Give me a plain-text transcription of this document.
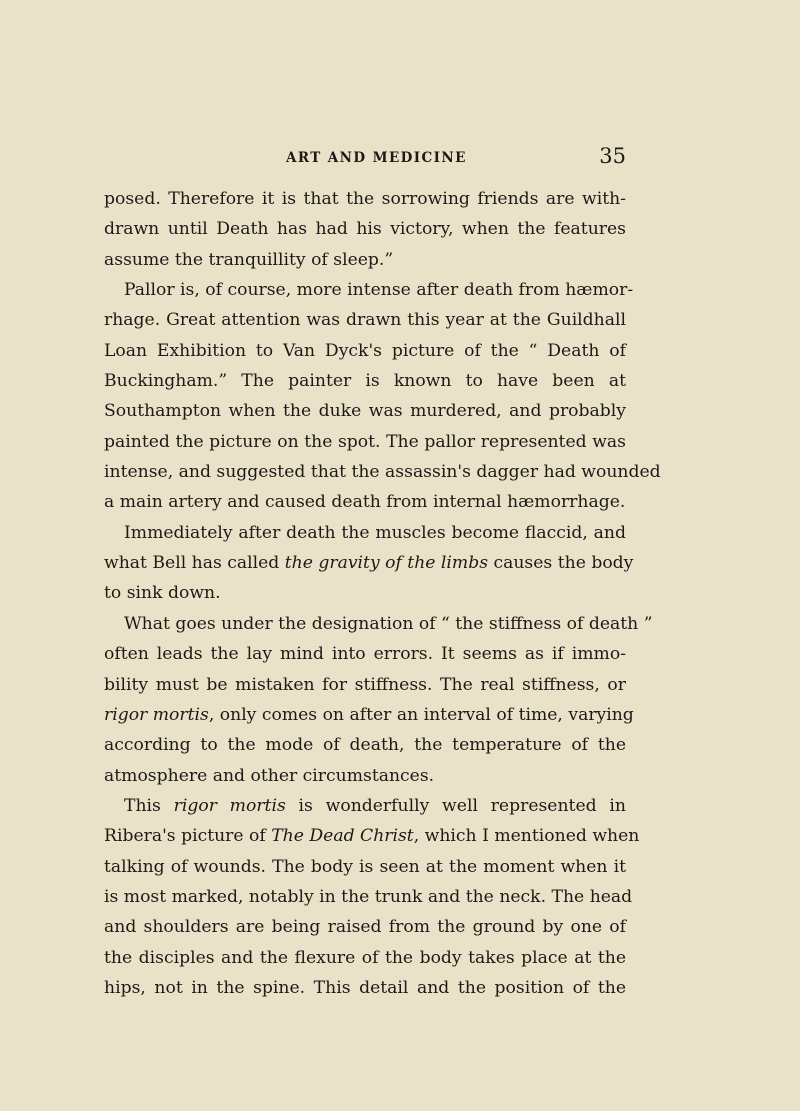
ART AND MEDICINE	35
posed. Therefore it is that the sorrowing friends are with-
drawn until Death has had his victory, when the features
assume the tranquillity of sleep.”
Pallor is, of course, more intense after death from hæmor-
rhage. Great attention was drawn this year at the Guildhall
Loan Exhibition to Van Dyck's picture of the “ Death of
Buckingham.” The painter is known to have been at
Southampton when the duke was murdered, and probably
painted the picture on the spot. The pallor represented was
intense, and suggested that the assassin's dagger had wounded
a main artery and caused death from internal hæmorrhage.
Immediately after death the muscles become flaccid, and
what Bell has called the gravity of the limbs causes the body
to sink down.
What goes under the designation of “ the stiffness of death ”
often leads the lay mind into errors. It seems as if immo-
bility must be mistaken for stiffness. The real stiffness, or
rigor mortis, only comes on after an interval of time, varying
according to the mode of death, the temperature of the
atmosphere and other circumstances.
This rigor mortis is wonderfully well represented in
Ribera's picture of The Dead Christ, which I mentioned when
talking of wounds. The body is seen at the moment when it
is most marked, notably in the trunk and the neck. The head
and shoulders are being raised from the ground by one of
the disciples and the flexure of the body takes place at the
hips, not in the spine. This detail and the position of the
